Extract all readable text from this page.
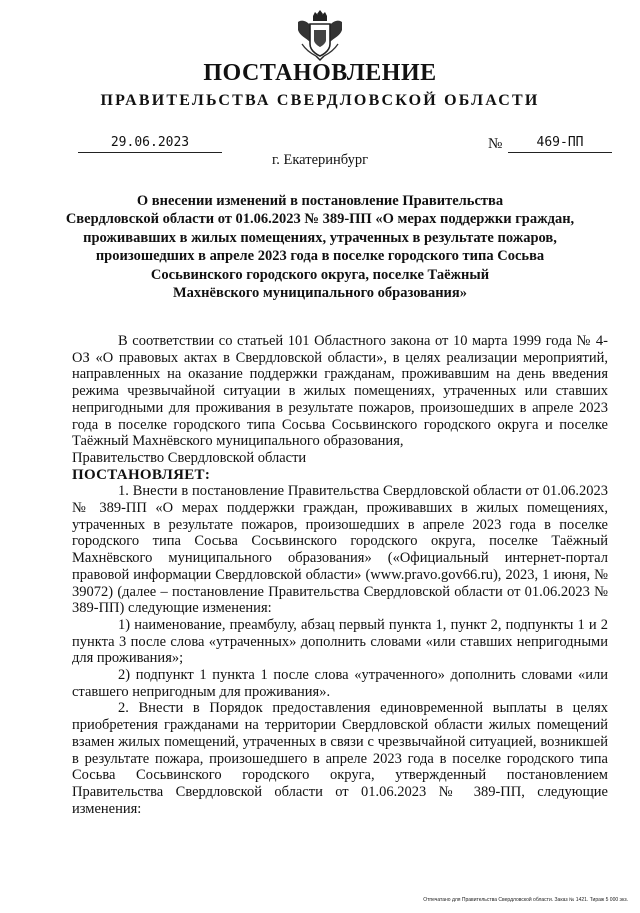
ПОСТАНОВЛЕНИЕ
ПРАВИТЕЛЬСТВА СВЕРДЛОВСКОЙ ОБЛАСТИ
29.06.2023	№	469-ПП
г. Екатеринбург
О внесении изменений в постановление Правительства
Свердловской области от 01.06.2023 № 389-ПП «О мерах поддержки граждан,
проживавших в жилых помещениях, утраченных в результате пожаров,
произошедших в апреле 2023 года в поселке городского типа Сосьва
Сосьвинского городского округа, поселке Таёжный
Махнёвского муниципального образования»

В соответствии со статьей 101 Областного закона от 10 марта 1999 года № 4-ОЗ «О правовых актах в Свердловской области», в целях реализации мероприятий, направленных на оказание поддержки гражданам, проживавшим на день введения режима чрезвычайной ситуации в жилых помещениях, утраченных или ставших непригодными для проживания в результате пожаров, произошедших в апреле 2023 года в поселке городского типа Сосьва Сосьвинского городского округа и поселке Таёжный Махнёвского муниципального образования,

Правительство Свердловской области

ПОСТАНОВЛЯЕТ:

1. Внести в постановление Правительства Свердловской области от 01.06.2023 № 389-ПП «О мерах поддержки граждан, проживавших в жилых помещениях, утраченных в результате пожаров, произошедших в апреле 2023 года в поселке городского типа Сосьва Сосьвинского городского округа, поселке Таёжный Махнёвского муниципального образования» («Официальный интернет-портал правовой информации Свердловской области» (www.pravo.gov66.ru), 2023, 1 июня, № 39072) (далее – постановление Правительства Свердловской области от 01.06.2023 № 389-ПП) следующие изменения:

1) наименование, преамбулу, абзац первый пункта 1, пункт 2, подпункты 1 и 2 пункта 3 после слова «утраченных» дополнить словами «или ставших непригодными для проживания»;

2) подпункт 1 пункта 1 после слова «утраченного» дополнить словами «или ставшего непригодным для проживания».

2. Внести в Порядок предоставления единовременной выплаты в целях приобретения гражданами на территории Свердловской области жилых помещений взамен жилых помещений, утраченных в связи с чрезвычайной ситуацией, возникшей в результате пожара, произошедшего в апреле 2023 года в поселке городского типа Сосьва Сосьвинского городского округа, утвержденный постановлением Правительства Свердловской области от 01.06.2023 № 389-ПП, следующие изменения:

Отпечатано для Правительства Свердловской области. Заказ № 1421. Тираж 5 000 экз.
